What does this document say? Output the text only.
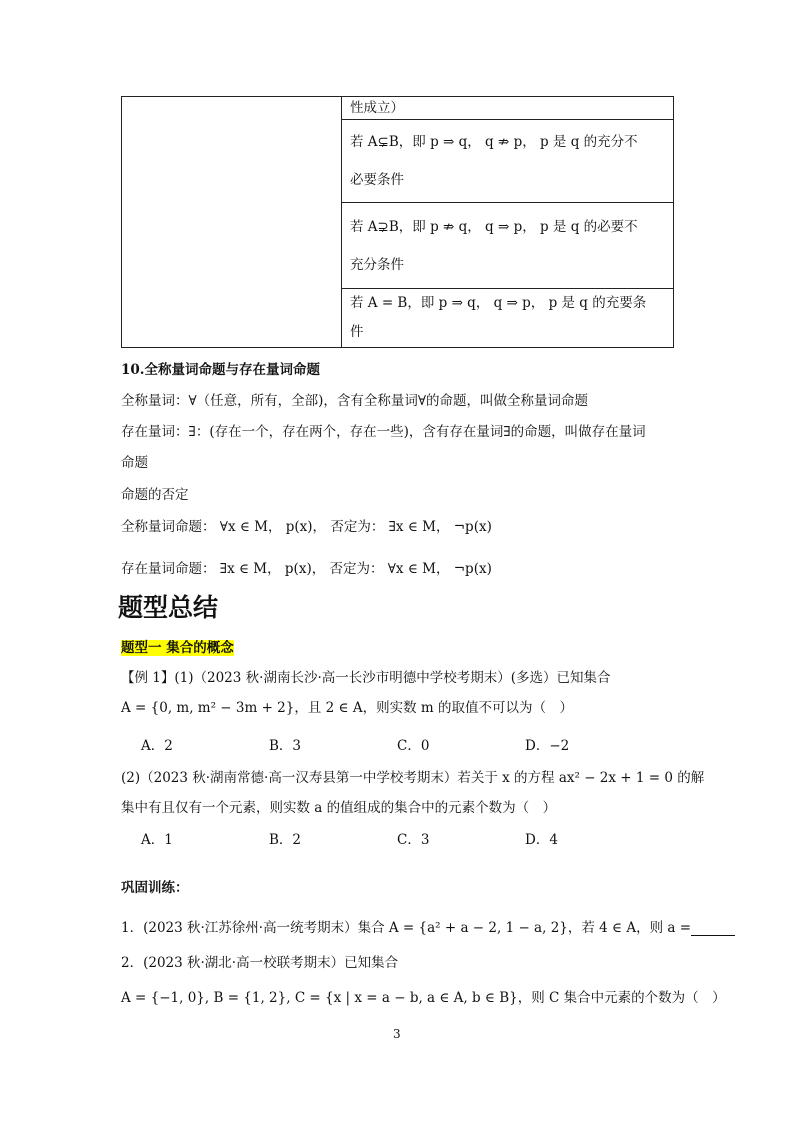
性成立）

若 A⊊B，即 p ⇒ q， q ⇏ p， p 是 q 的充分不
必要条件

若 A⊋B，即 p ⇏ q， q ⇒ p， p 是 q 的必要不
充分条件

若 A = B，即 p ⇒ q， q ⇒ p， p 是 q 的充要条
件
10.全称量词命题与存在量词命题
全称量词：∀（任意，所有，全部)，含有全称量词∀的命题，叫做全称量词命题
存在量词：∃：(存在一个，存在两个，存在一些)，含有存在量词∃的命题，叫做存在量词
命题
命题的否定
全称量词命题： ∀x ∈ M， p(x)， 否定为： ∃x ∈ M， ¬p(x)
存在量词命题： ∃x ∈ M， p(x)， 否定为： ∀x ∈ M， ¬p(x)
题型总结
题型一 集合的概念
【例 1】(1)（2023 秋·湖南长沙·高一长沙市明德中学校考期末）(多选）已知集合
A = {0, m, m² − 3m + 2}，且 2 ∈ A，则实数 m 的取值不可以为（　）
A．2	B．3	C．0	D．−2
(2)（2023 秋·湖南常德·高一汉寿县第一中学校考期末）若关于 x 的方程 ax² − 2x + 1 = 0 的解
集中有且仅有一个元素，则实数 a 的值组成的集合中的元素个数为（　）
A．1	B．2	C．3	D．4
巩固训练：
1．(2023 秋·江苏徐州·高一统考期末）集合 A = {a² + a − 2, 1 − a, 2}，若 4 ∈ A，则 a =
2．(2023 秋·湖北·高一校联考期末）已知集合
A = {−1, 0}, B = {1, 2}, C = {x | x = a − b, a ∈ A, b ∈ B}，则 C 集合中元素的个数为（　）
3
